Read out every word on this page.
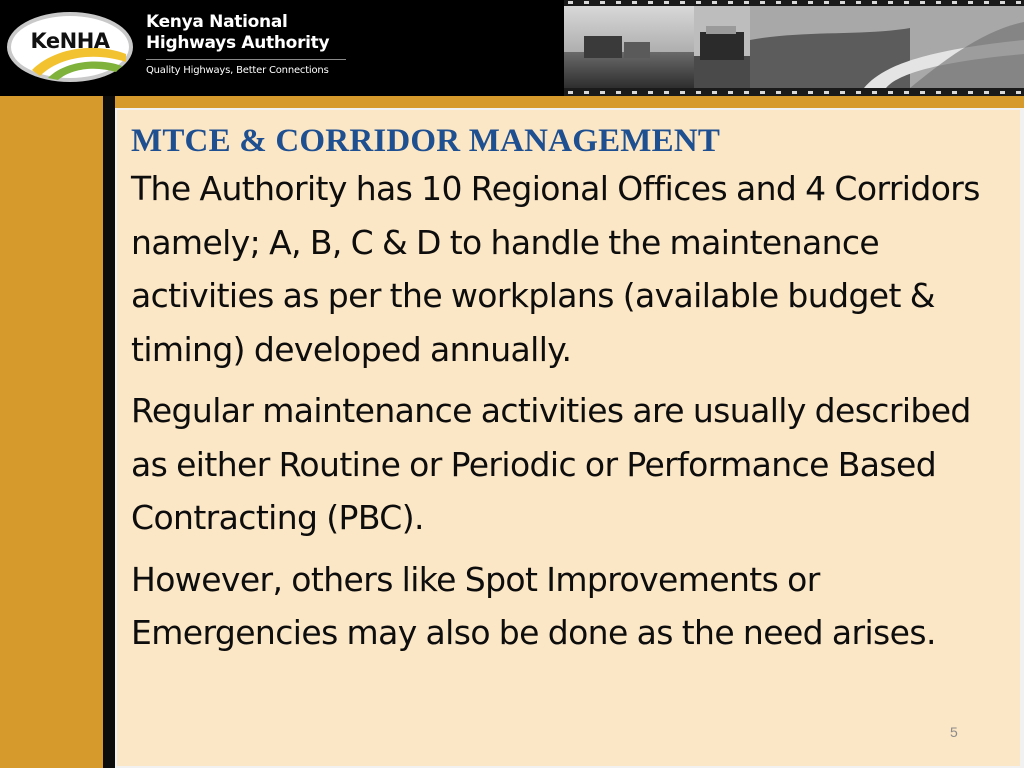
KeNHA
Kenya National
Highways Authority
Quality Highways, Better Connections
MTCE & CORRIDOR MANAGEMENT

The Authority has 10 Regional Offices and 4 Corridors namely; A, B, C & D to handle the maintenance activities as per the workplans (available budget & timing) developed annually.

Regular maintenance activities are usually described as either Routine or Periodic or Performance Based Contracting (PBC).

However, others like Spot Improvements or Emergencies may also be done as the need arises.

5
